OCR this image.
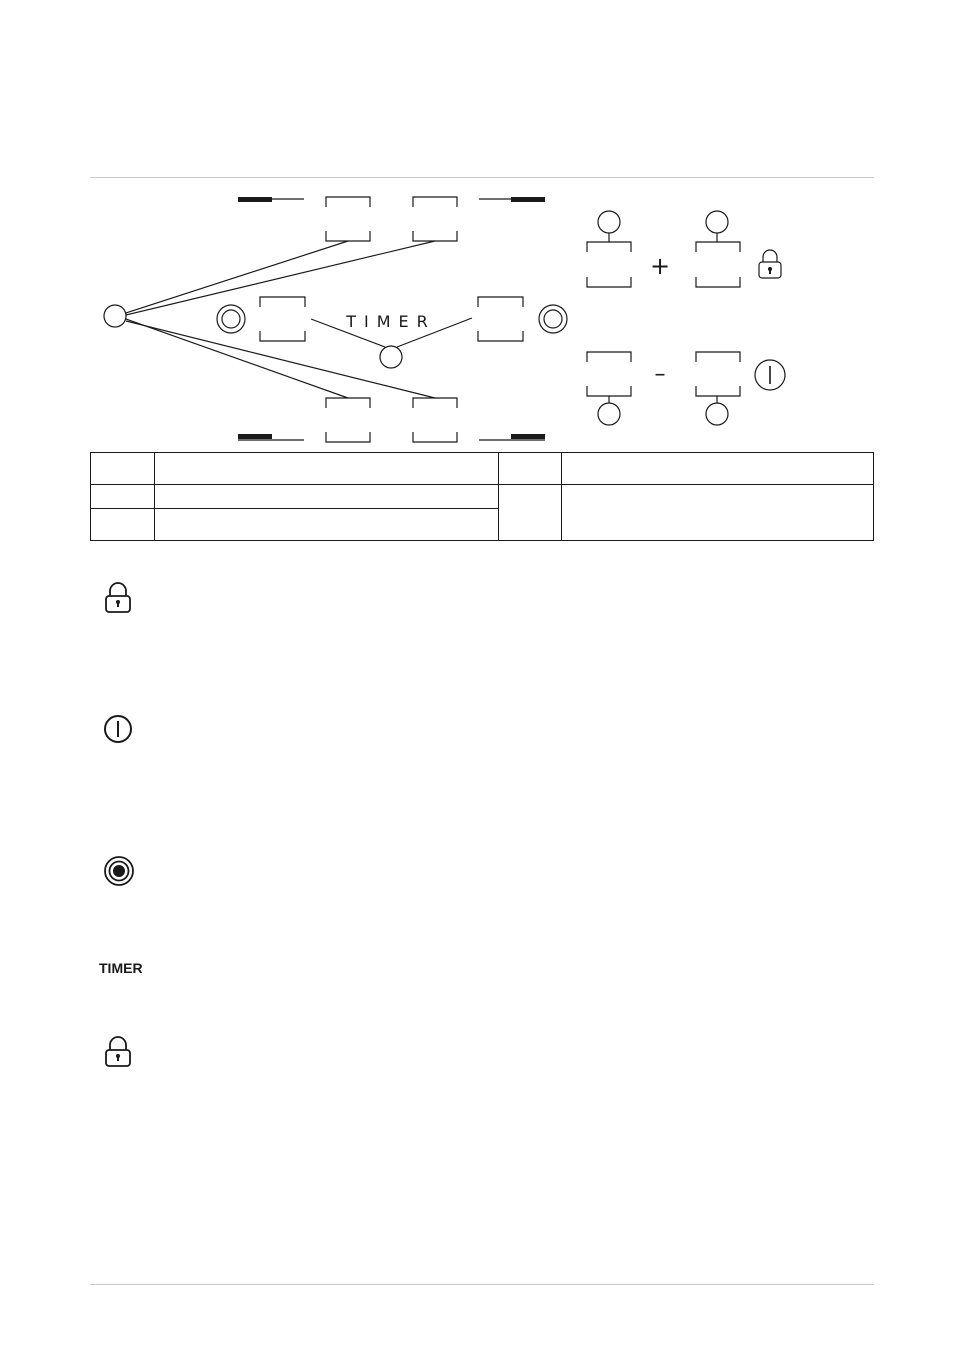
TIMER
+
–

TIMER
